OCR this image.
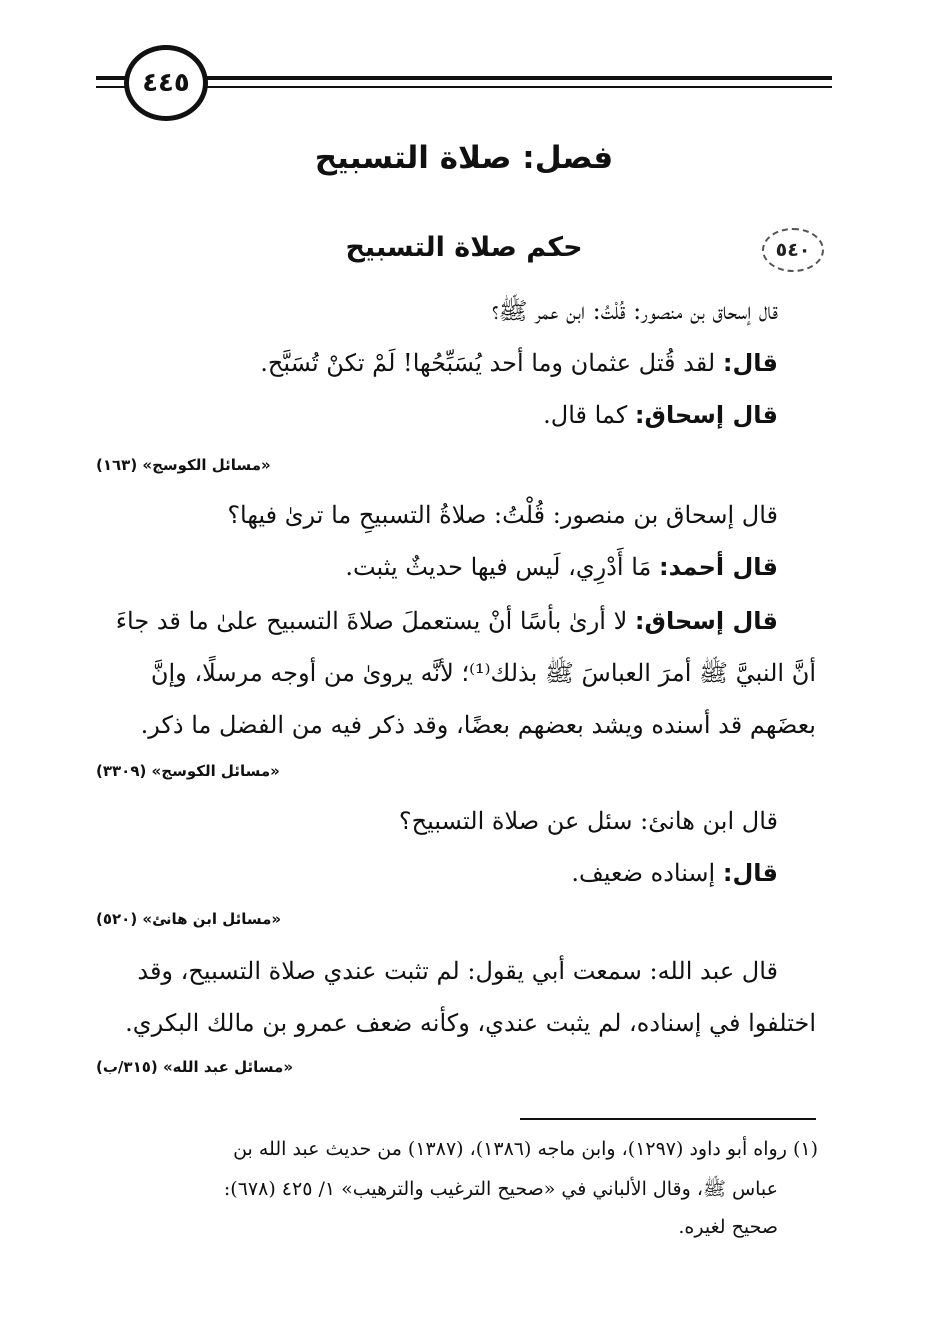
٤٤٥
فصل: صلاة التسبيح
٥٤٠
حكم صلاة التسبيح
قال إسحاق بن منصور: قُلْتُ: ابن عمر ﷺ؟
قال: لقد قُتل عثمان وما أحد يُسَبِّحُها! لَمْ تكنْ تُسَبَّح.
قال إسحاق: كما قال.
«مسائل الكوسج» (١٦٣)
قال إسحاق بن منصور: قُلْتُ: صلاةُ التسبيحِ ما ترىٰ فيها؟
قال أحمد: مَا أَدْرِي، لَيس فيها حديثٌ يثبت.
قال إسحاق: لا أرىٰ بأسًا أنْ يستعملَ صلاةَ التسبيح علىٰ ما قد جاءَ
أنَّ النبيَّ ﷺ أمرَ العباسَ ﷺ بذلك⁽¹⁾؛ لأنَّه يروىٰ من أوجه مرسلًا، وإنَّ
بعضَهم قد أسنده ويشد بعضهم بعضًا، وقد ذكر فيه من الفضل ما ذكر.
«مسائل الكوسج» (٣٣٠٩)
قال ابن هانئ: سئل عن صلاة التسبيح؟
قال: إسناده ضعيف.
«مسائل ابن هانئ» (٥٢٠)
قال عبد الله: سمعت أبي يقول: لم تثبت عندي صلاة التسبيح، وقد
اختلفوا في إسناده، لم يثبت عندي، وكأنه ضعف عمرو بن مالك البكري.
«مسائل عبد الله» (٣١٥/ب)
(١) رواه أبو داود (١٢٩٧)، وابن ماجه (١٣٨٦)، (١٣٨٧) من حديث عبد الله بن
عباس ﷺ، وقال الألباني في «صحيح الترغيب والترهيب» ١/ ٤٢٥ (٦٧٨):
صحيح لغيره.
